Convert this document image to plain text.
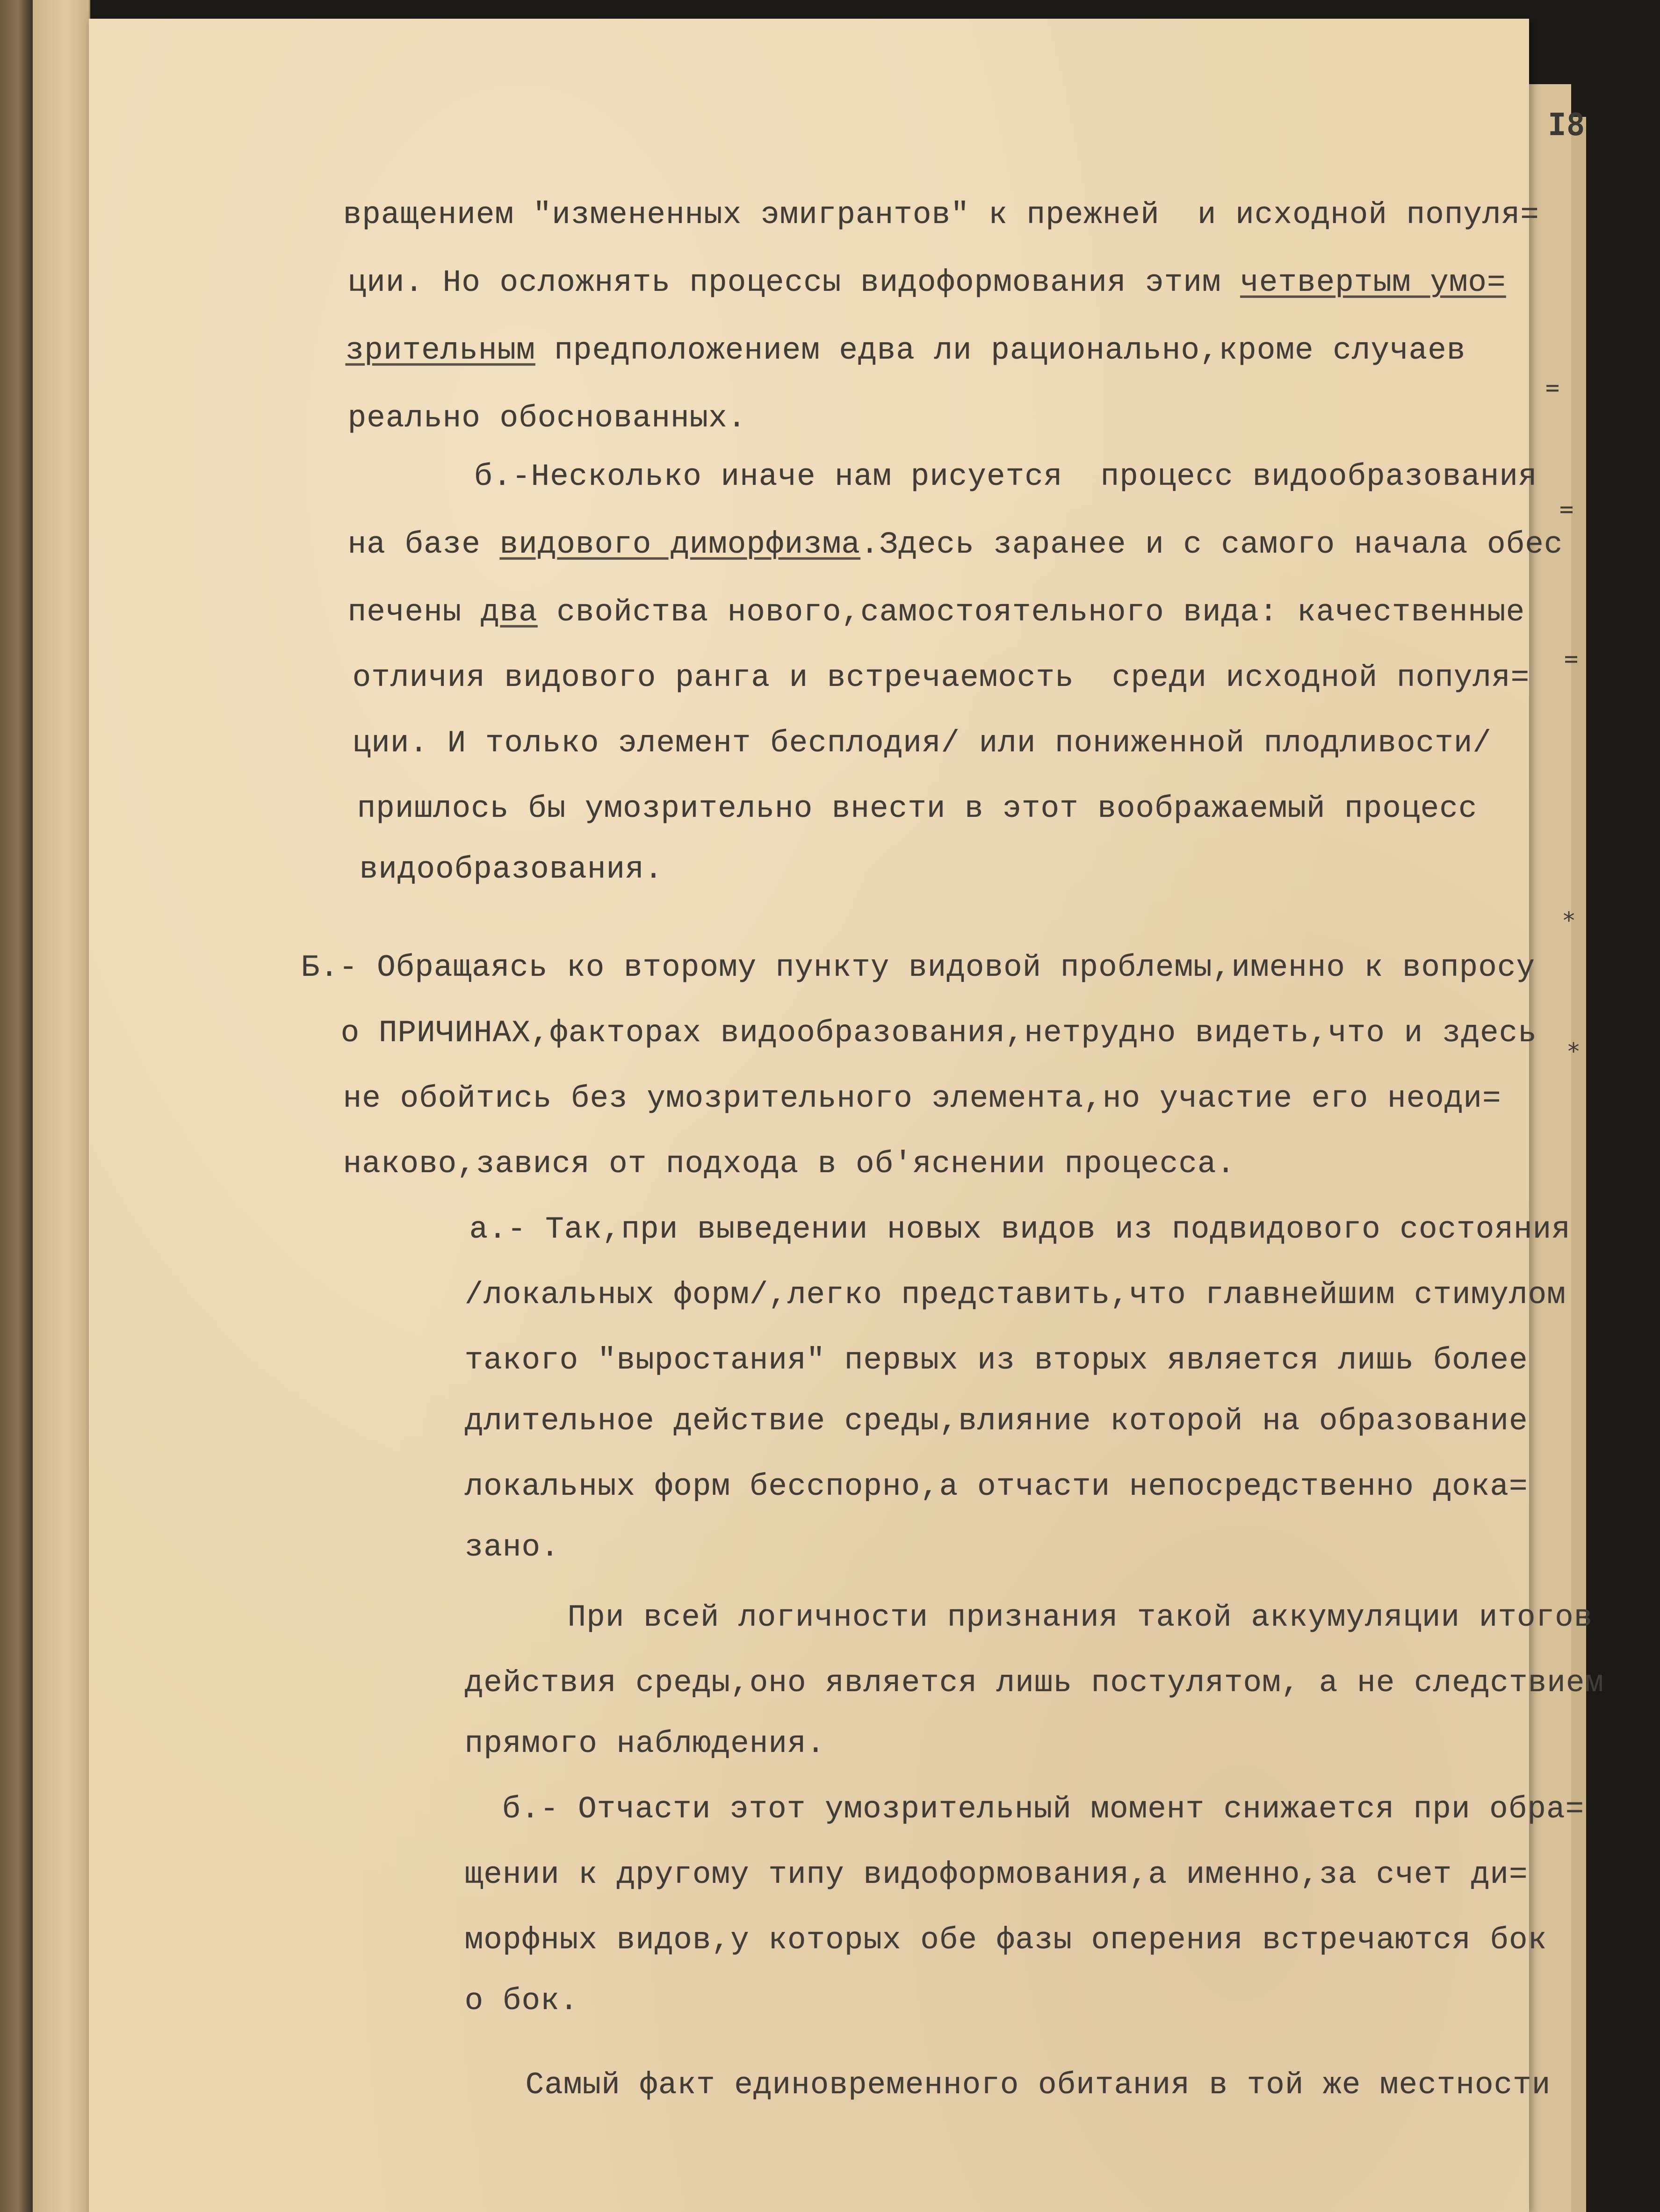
I8

вращением "измененных эмигрантов" к прежней  и исходной популя=

ции. Но осложнять процессы видоформования этим четвертым умо=

зрительным предположением едва ли рационально,кроме случаев

реально обоснованных.

б.-Несколько иначе нам рисуется  процесс видообразования

на базе видового диморфизма.Здесь заранее и с самого начала обес

печены два свойства нового,самостоятельного вида: качественные

отличия видового ранга и встречаемость  среди исходной популя=

ции. И только элемент бесплодия/ или пониженной плодливости/

пришлось бы умозрительно внести в этот воображаемый процесс

видообразования.

Б.- Обращаясь ко второму пункту видовой проблемы,именно к вопросу

о ПРИЧИНАХ,факторах видообразования,нетрудно видеть,что и здесь

не обойтись без умозрительного элемента,но участие его неоди=

наково,завися от подхода в об'яснении процесса.

а.- Так,при выведении новых видов из подвидового состояния

/локальных форм/,легко представить,что главнейшим стимулом

такого "выростания" первых из вторых является лишь более

длительное действие среды,влияние которой на образование

локальных форм бесспорно,а отчасти непосредственно дока=

зано.

При всей логичности признания такой аккумуляции итогов

действия среды,оно является лишь постулятом, а не следствием

прямого наблюдения.

б.- Отчасти этот умозрительный момент снижается при обра=

щении к другому типу видоформования,а именно,за счет ди=

морфных видов,у которых обе фазы оперения встречаются бок

о бок.

Самый факт единовременного обитания в той же местности

=
=
=
*
*
